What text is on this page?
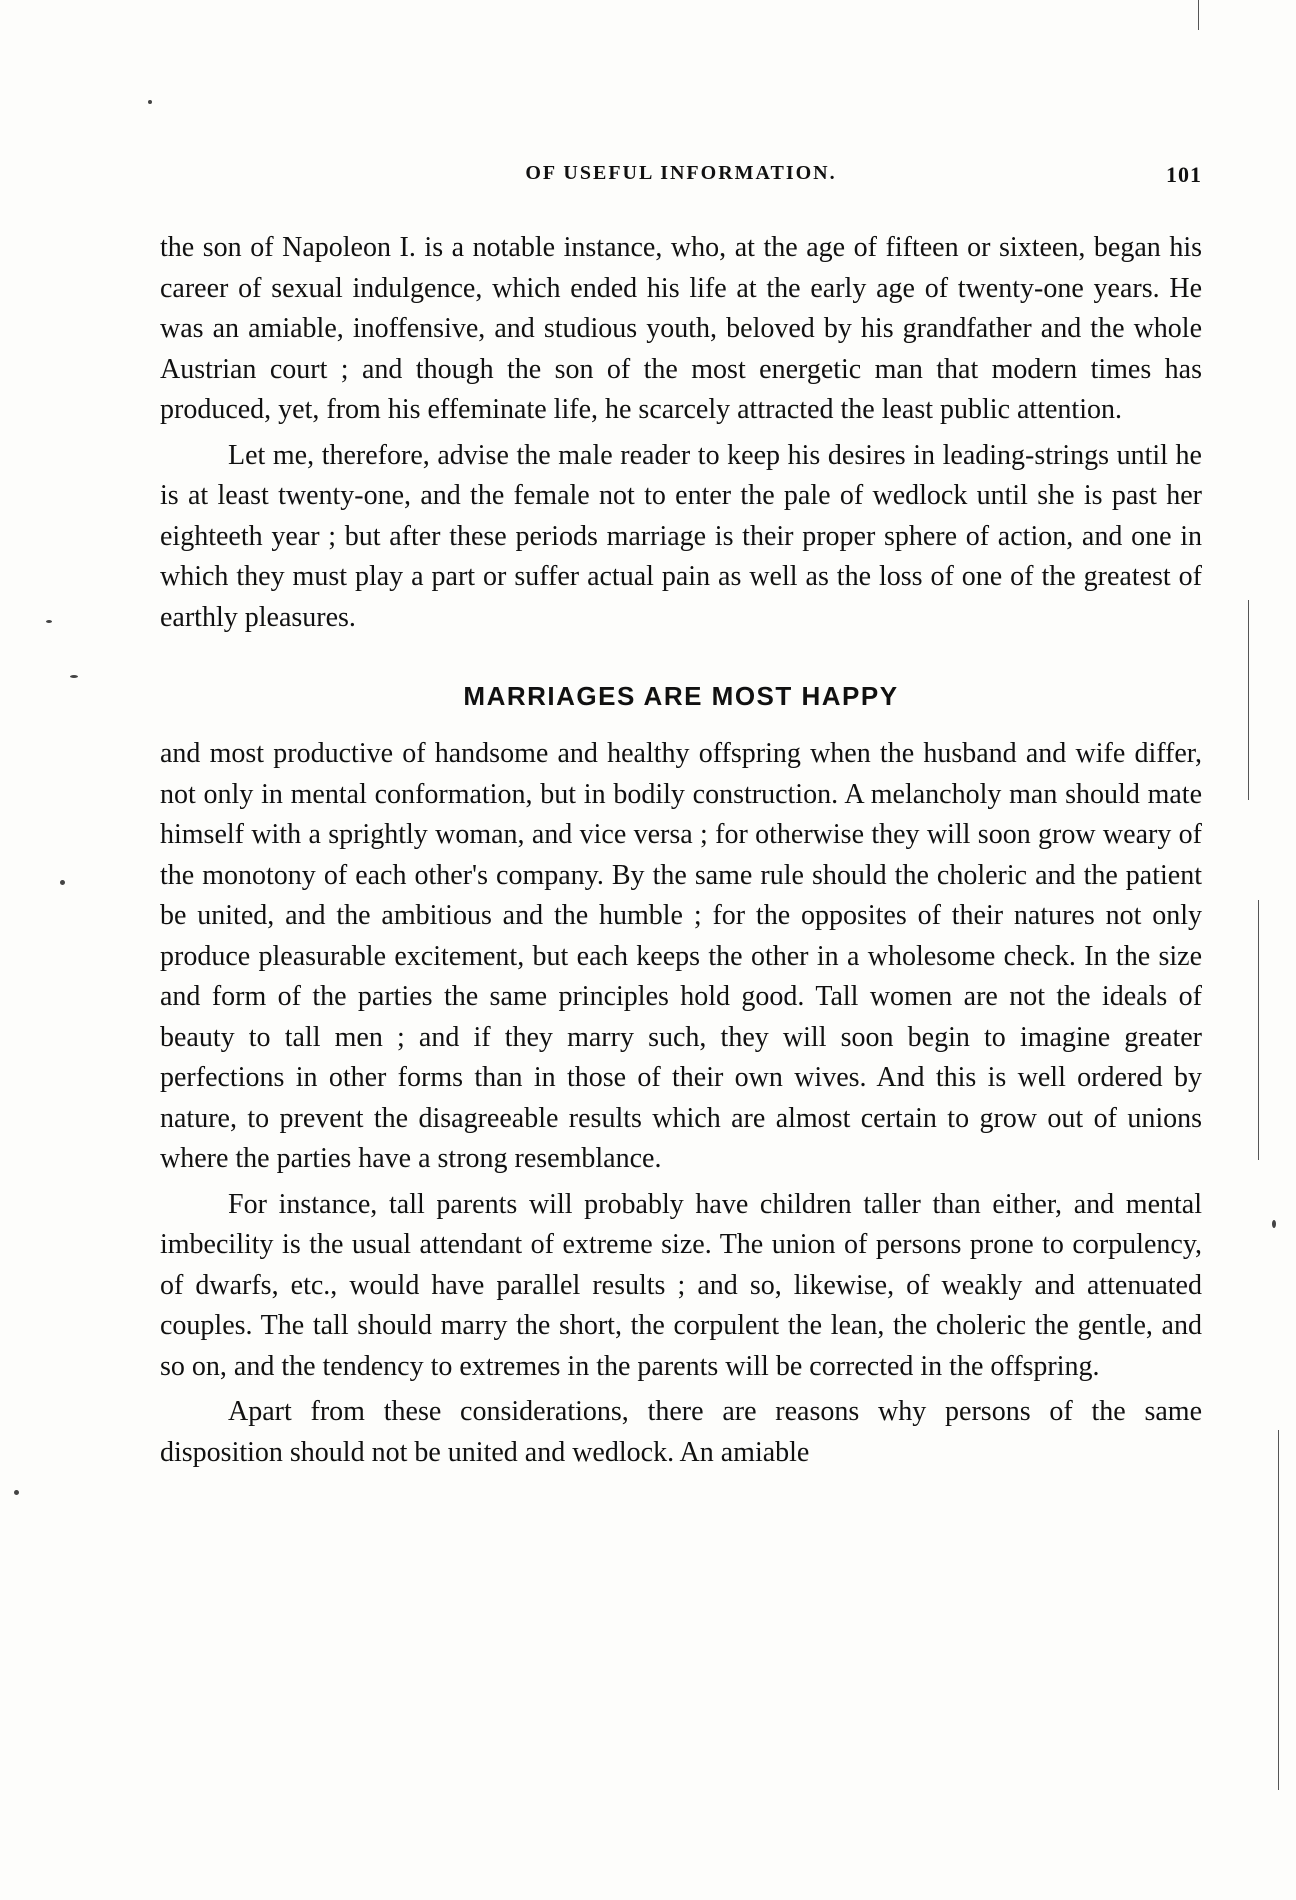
OF USEFUL INFORMATION.	101

the son of Napoleon I. is a notable instance, who, at the age of fifteen or sixteen, began his career of sexual indulgence, which ended his life at the early age of twenty-one years. He was an amiable, inoffensive, and studious youth, beloved by his grandfather and the whole Austrian court ; and though the son of the most energetic man that modern times has produced, yet, from his effeminate life, he scarcely attracted the least public attention.

Let me, therefore, advise the male reader to keep his desires in leading-strings until he is at least twenty-one, and the female not to enter the pale of wedlock until she is past her eighteeth year ; but after these periods marriage is their proper sphere of action, and one in which they must play a part or suffer actual pain as well as the loss of one of the greatest of earthly pleasures.

MARRIAGES ARE MOST HAPPY

and most productive of handsome and healthy offspring when the husband and wife differ, not only in mental conformation, but in bodily construction. A melancholy man should mate himself with a sprightly woman, and vice versa ; for otherwise they will soon grow weary of the monotony of each other's company. By the same rule should the choleric and the patient be united, and the ambitious and the humble ; for the opposites of their natures not only produce pleasurable excitement, but each keeps the other in a wholesome check. In the size and form of the parties the same principles hold good. Tall women are not the ideals of beauty to tall men ; and if they marry such, they will soon begin to imagine greater perfections in other forms than in those of their own wives. And this is well ordered by nature, to prevent the disagreeable results which are almost certain to grow out of unions where the parties have a strong resemblance.

For instance, tall parents will probably have children taller than either, and mental imbecility is the usual attendant of extreme size. The union of persons prone to corpulency, of dwarfs, etc., would have parallel results ; and so, likewise, of weakly and attenuated couples. The tall should marry the short, the corpulent the lean, the choleric the gentle, and so on, and the tendency to extremes in the parents will be corrected in the offspring.

Apart from these considerations, there are reasons why persons of the same disposition should not be united and wedlock. An amiable
